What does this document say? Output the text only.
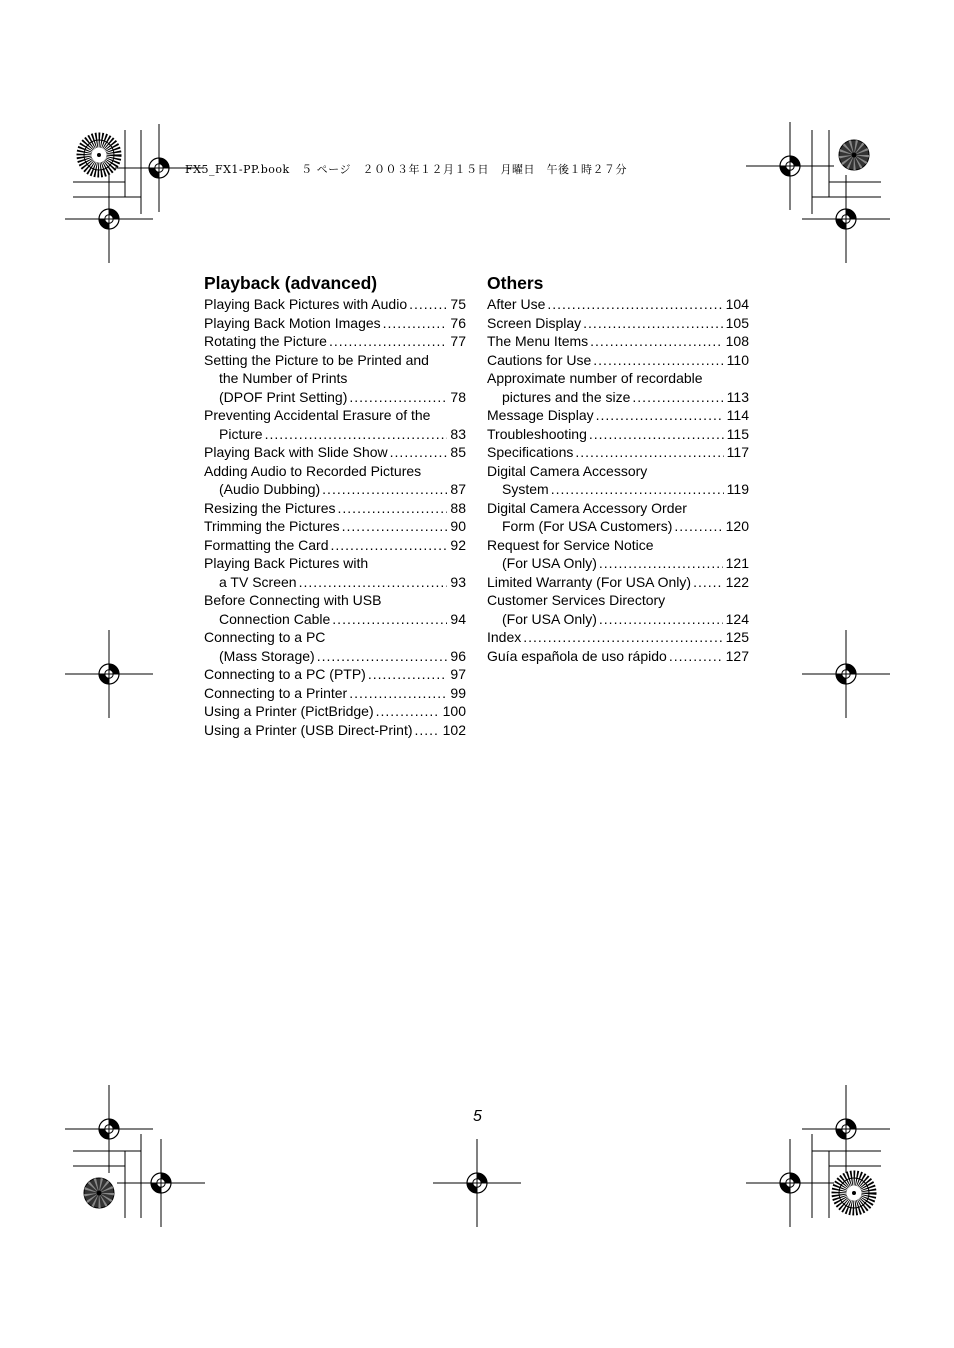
FX5_FX1-PP.book　５ ページ　２００３年１２月１５日　月曜日　午後１時２７分
Playback (advanced)
Playing Back Pictures with Audio .....	75
Playing Back Motion Images .....	76
Rotating the Picture .....	77
Setting the Picture to be Printed and
the Number of Prints
(DPOF Print Setting) .....	78
Preventing Accidental Erasure of the
Picture .....	83
Playing Back with Slide Show .....	85
Adding Audio to Recorded Pictures
(Audio Dubbing) .....	87
Resizing the Pictures .....	88
Trimming the Pictures .....	90
Formatting the Card .....	92
Playing Back Pictures with
a TV Screen .....	93
Before Connecting with USB
Connection Cable .....	94
Connecting to a PC
(Mass Storage) .....	96
Connecting to a PC (PTP) .....	97
Connecting to a Printer .....	99
Using a Printer (PictBridge) .....	100
Using a Printer (USB Direct-Print) ..... 102
Others
After Use .....	104
Screen Display .....	105
The Menu Items .....	108
Cautions for Use .....	110
Approximate number of recordable
pictures and the size .....	113
Message Display .....	114
Troubleshooting .....	115
Specifications .....	117
Digital Camera Accessory
System .....	119
Digital Camera Accessory Order
Form (For USA Customers) .....	120
Request for Service Notice
(For USA Only) .....	121
Limited Warranty (For USA Only) ..... 122
Customer Services Directory
(For USA Only) .....	124
Index .....	125
Guía española de uso rápido .....	127
5
